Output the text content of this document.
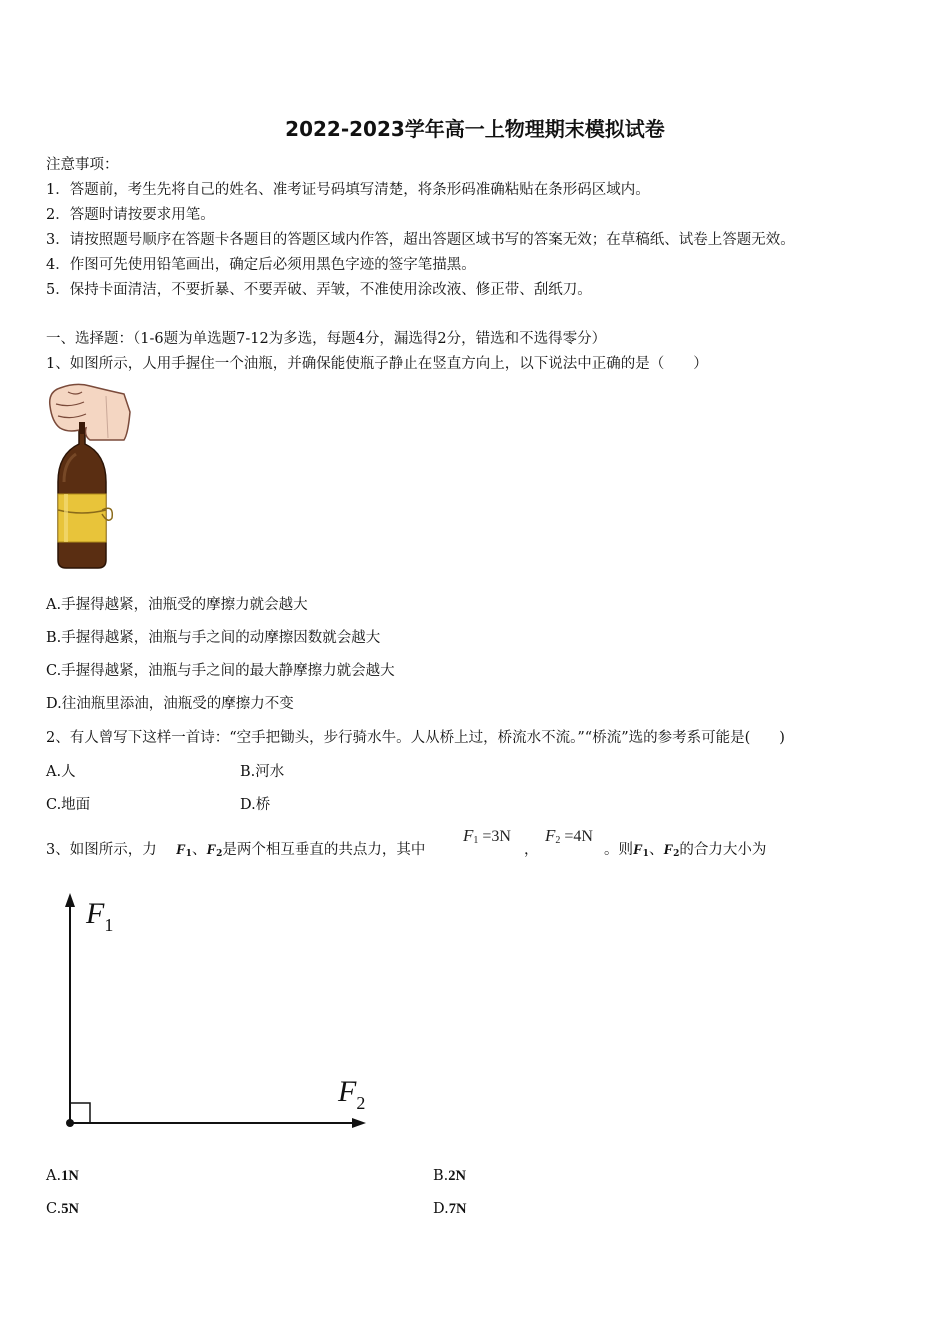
2022-2023学年高一上物理期末模拟试卷
注意事项：
1．答题前，考生先将自己的姓名、准考证号码填写清楚，将条形码准确粘贴在条形码区域内。
2．答题时请按要求用笔。
3．请按照题号顺序在答题卡各题目的答题区域内作答，超出答题区域书写的答案无效；在草稿纸、试卷上答题无效。
4．作图可先使用铅笔画出，确定后必须用黑色字迹的签字笔描黑。
5．保持卡面清洁，不要折暴、不要弄破、弄皱，不准使用涂改液、修正带、刮纸刀。
一、选择题：（1-6题为单选题7-12为多选，每题4分，漏选得2分，错选和不选得零分）
1、如图所示，人用手握住一个油瓶，并确保能使瓶子静止在竖直方向上，以下说法中正确的是（　　）
A.手握得越紧，油瓶受的摩擦力就会越大
B.手握得越紧，油瓶与手之间的动摩擦因数就会越大
C.手握得越紧，油瓶与手之间的最大静摩擦力就会越大
D.往油瓶里添油，油瓶受的摩擦力不变
2、有人曾写下这样一首诗：“空手把锄头，步行骑水牛。人从桥上过，桥流水不流。”“桥流”选的参考系可能是(　　)
A.人	B.河水
C.地面	D.桥
3、如图所示，力 $F_1$、$F_2$是两个相互垂直的共点力，其中
$F_1 =3N$
，
$F_2 =4N$
。则$F_1$、$F_2$的合力大小为
$F_1$
$F_2$
A.1N	B.2N
C.5N	D.7N
